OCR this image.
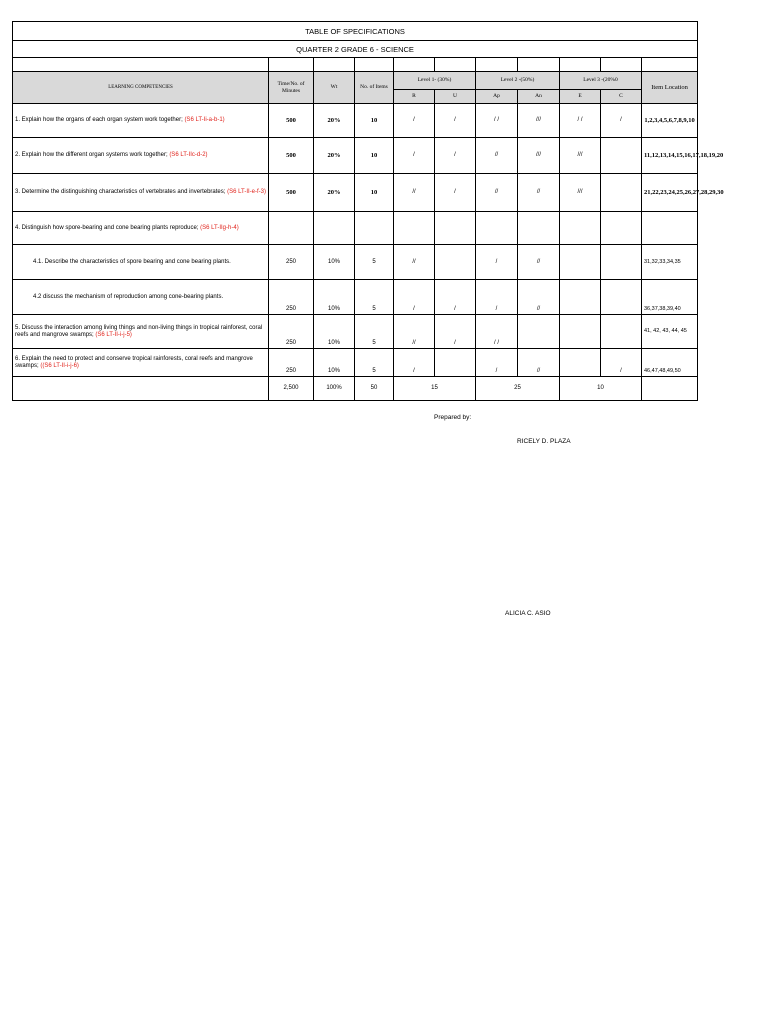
TABLE OF SPECIFICATIONS										
QUARTER 2 GRADE 6 - SCIENCE										

LEARNING COMPETENCIES	Time/No. of Minutes	Wt	No. of Items	Level 1- (30%)		Level 2 -(50%)		Level 3 -(20%0		Item Location
				R	U	Ap	An	E	C	
1. Explain how the organs of each organ system work together; (S6 LT-Ii-a-b-1)	500	20%	10	/	/	/ /	///	/ /	/	1,2,3,4,5,6,7,8,9,10
2. Explain how the different organ systems work together; (S6 LT-IIc-d-2)	500	20%	10	/	/	//	///	///		11,12,13,14,15,16,17,18,19,20
3. Determine the distinguishing characteristics of vertebrates and invertebrates; (S6 LT-II-e-f-3)	500	20%	10	//	/	//	//	///		21,22,23,24,25,26,27,28,29,30
4. Distinguish how spore-bearing and cone bearing plants reproduce; (S6 LT-IIg-h-4)										
4.1. Describe the characteristics of spore bearing and cone bearing plants.	250	10%	5	//		/	//			31,32,33,34,35
4.2 discuss the mechanism of reproduction among cone-bearing plants.	250	10%	5	/	/	/	//			36,37,38,39,40
5. Discuss the interaction among living things and non-living things in tropical rainforest, coral reefs and mangrove swamps; (S6 LT-II-i-j-5)	250	10%	5	//	/	/ /				41, 42, 43, 44, 45
6. Explain the need to protect and conserve tropical rainforests, coral reefs and mangrove swamps; ((S6 LT-II-i-j-6)	250	10%	5	/		/	//		/	46,47,48,49,50
	2,500	100%	50	15		25		10		
Prepared by:
RICELY D. PLAZA
ALICIA C. ASIO
